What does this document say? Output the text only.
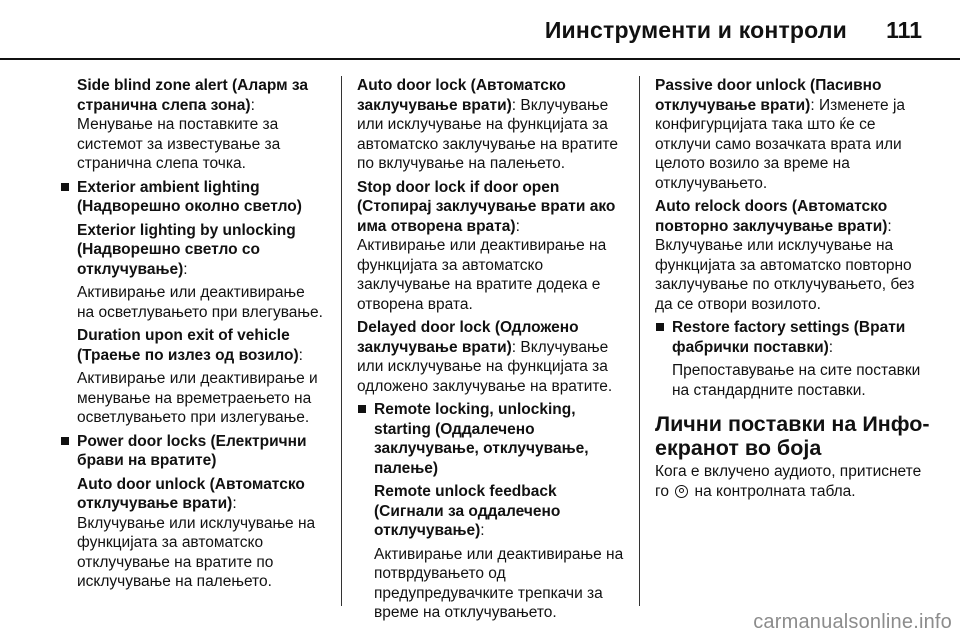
Иинструменти и контроли 111
Side blind zone alert (Аларм за странична слепа зона):
Менување на поставките за системот за известување за странична слепа точка.
Exterior ambient lighting (Надворешно околно светло)
Exterior lighting by unlocking (Надворешно светло со отклучување):
Активирање или деактивирање на осветлувањето при влегување.
Duration upon exit of vehicle (Траење по излез од возило):
Активирање или деактивирање и менување на времетраењето на осветлувањето при излегување.
Power door locks (Електрични брави на вратите)
Auto door unlock (Автоматско отклучување врати): Вклучување или исклучување на функцијата за автоматско отклучување на вратите по исклучување на палењето.
Auto door lock (Автоматско заклучување врати): Вклучување или исклучување на функцијата за автоматско заклучување на вратите по вклучување на палењето.
Stop door lock if door open (Стопирај заклучување врати ако има отворена врата):
Активирање или деактивирање на функцијата за автоматско заклучување на вратите додека е отворена врата.
Delayed door lock (Одложено заклучување врати): Вклучување или исклучување на функцијата за одложено заклучување на вратите.
Remote locking, unlocking, starting (Оддалечено заклучување, отклучување, палење)
Remote unlock feedback (Сигнали за оддалечено отклучување):
Активирање или деактивирање на потврдувањето од предупредувачките трепкачи за време на отклучувањето.
Passive door unlock (Пасивно отклучување врати): Изменете ја конфигурцијата така што ќе се отклучи само возачката врата или целото возило за време на отклучувањето.
Auto relock doors (Автоматско повторно заклучување врати):
Вклучување или исклучување на функцијата за автоматско повторно заклучување по отклучувањето, без да се отвори возилото.
Restore factory settings (Врати фабрички поставки):
Препоставување на сите поставки на стандардните поставки.
Лични поставки на Инфо-екранот во боја
Кога е вклучено аудиото, притиснете го  на контролната табла.
carmanualsonline.info
